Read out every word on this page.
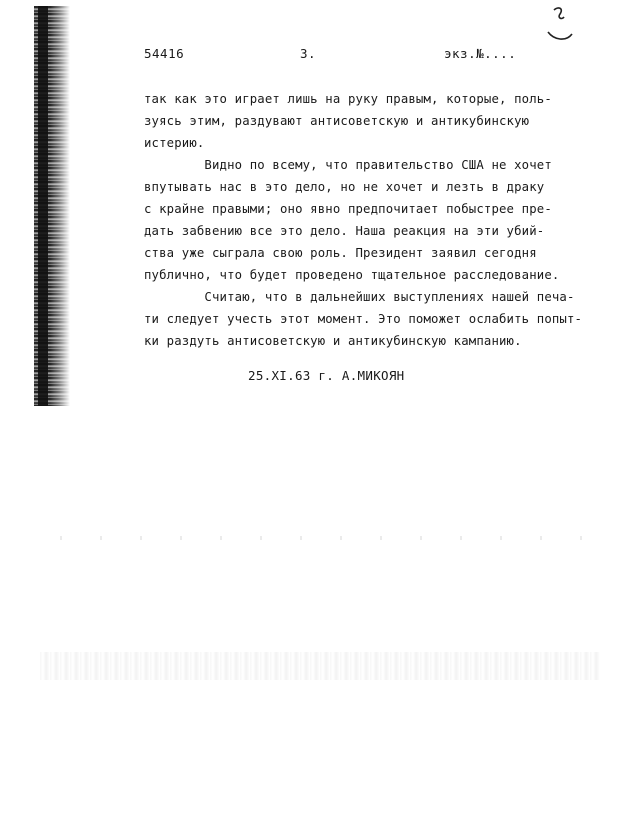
54416	3.	экз.№....
так как это играет лишь на руку правым, которые, поль-
зуясь этим, раздувают антисоветскую и антикубинскую
истерию.
Видно по всему, что правительство США не хочет
впутывать нас в это дело, но не хочет и лезть в драку
с крайне правыми; оно явно предпочитает побыстрее пре-
дать забвению все это дело. Наша реакция на эти убий-
ства уже сыграла свою роль. Президент заявил сегодня
публично, что будет проведено тщательное расследование.
Считаю, что в дальнейших выступлениях нашей печа-
ти следует учесть этот момент. Это поможет ослабить попыт-
ки раздуть антисоветскую и антикубинскую кампанию.
25.XI.63 г. А.МИКОЯН
